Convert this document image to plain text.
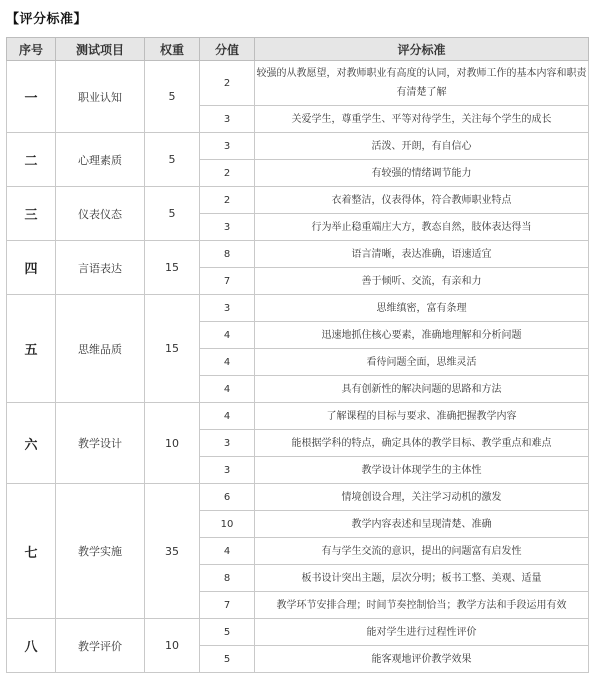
【评分标准】
序号	测试项目	权重	分值	评分标准
一	职业认知	5	2	较强的从教愿望，对教师职业有高度的认同，对教师工作的基本内容和职责有清楚了解
			3	关爱学生，尊重学生、平等对待学生，关注每个学生的成长
二	心理素质	5	3	活泼、开朗，有自信心
			2	有较强的情绪调节能力
三	仪表仪态	5	2	衣着整洁，仪表得体，符合教师职业特点
			3	行为举止稳重端庄大方，教态自然，肢体表达得当
四	言语表达	15	8	语言清晰，表达准确，语速适宜
			7	善于倾听、交流，有亲和力
五	思维品质	15	3	思维缜密，富有条理
			4	迅速地抓住核心要素，准确地理解和分析问题
			4	看待问题全面，思维灵活
			4	具有创新性的解决问题的思路和方法
六	教学设计	10	4	了解课程的目标与要求、准确把握教学内容
			3	能根据学科的特点，确定具体的教学目标、教学重点和难点
			3	教学设计体现学生的主体性
七	教学实施	35	6	情境创设合理，关注学习动机的激发
			10	教学内容表述和呈现清楚、准确
			4	有与学生交流的意识，提出的问题富有启发性
			8	板书设计突出主题，层次分明；板书工整、美观、适量
			7	教学环节安排合理；时间节奏控制恰当；教学方法和手段运用有效
八	教学评价	10	5	能对学生进行过程性评价
			5	能客观地评价教学效果
